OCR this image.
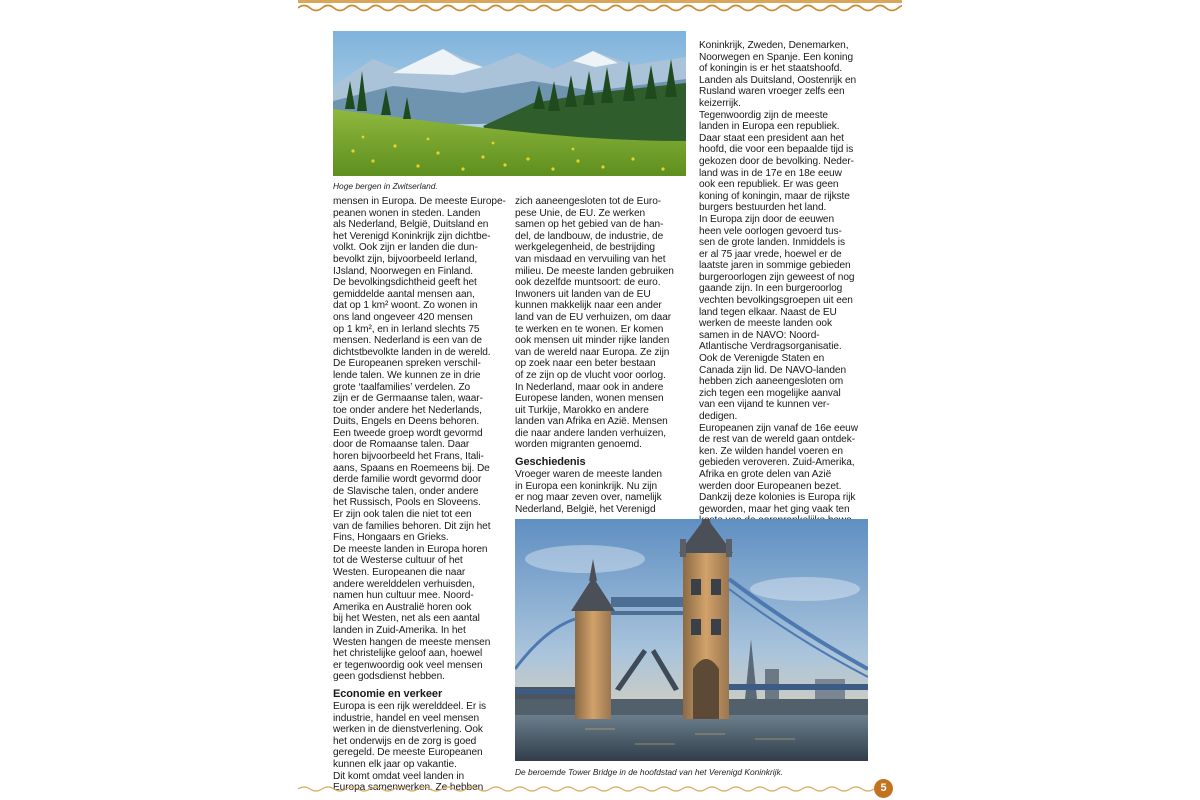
Hoge bergen in Zwitserland.
mensen in Europa. De meeste Europe-
peanen wonen in steden. Landen
als Nederland, België, Duitsland en
het Verenigd Koninkrijk zijn dichtbe-
volkt. Ook zijn er landen die dun-
bevolkt zijn, bijvoorbeeld Ierland,
IJsland, Noorwegen en Finland.
De bevolkingsdichtheid geeft het
gemiddelde aantal mensen aan,
dat op 1 km² woont. Zo wonen in
ons land ongeveer 420 mensen
op 1 km², en in Ierland slechts 75
mensen. Nederland is een van de
dichtstbevolkte landen in de wereld.
De Europeanen spreken verschil-
lende talen. We kunnen ze in drie
grote ‘taalfamilies’ verdelen. Zo
zijn er de Germaanse talen, waar-
toe onder andere het Nederlands,
Duits, Engels en Deens behoren.
Een tweede groep wordt gevormd
door de Romaanse talen. Daar
horen bijvoorbeeld het Frans, Itali-
aans, Spaans en Roemeens bij. De
derde familie wordt gevormd door
de Slavische talen, onder andere
het Russisch, Pools en Sloveens.
Er zijn ook talen die niet tot een
van de families behoren. Dit zijn het
Fins, Hongaars en Grieks.
De meeste landen in Europa horen
tot de Westerse cultuur of het
Westen. Europeanen die naar
andere werelddelen verhuisden,
namen hun cultuur mee. Noord-
Amerika en Australië horen ook
bij het Westen, net als een aantal
landen in Zuid-Amerika. In het
Westen hangen de meeste mensen
het christelijke geloof aan, hoewel
er tegenwoordig ook veel mensen
geen godsdienst hebben.
Economie en verkeer
Europa is een rijk werelddeel. Er is
industrie, handel en veel mensen
werken in de dienstverlening. Ook
het onderwijs en de zorg is goed
geregeld. De meeste Europeanen
kunnen elk jaar op vakantie.
Dit komt omdat veel landen in
Europa samenwerken. Ze hebben
zich aaneengesloten tot de Euro-
pese Unie, de EU. Ze werken
samen op het gebied van de han-
del, de landbouw, de industrie, de
werkgelegenheid, de bestrijding
van misdaad en vervuiling van het
milieu. De meeste landen gebruiken
ook dezelfde muntsoort: de euro.
Inwoners uit landen van de EU
kunnen makkelijk naar een ander
land van de EU verhuizen, om daar
te werken en te wonen. Er komen
ook mensen uit minder rijke landen
van de wereld naar Europa. Ze zijn
op zoek naar een beter bestaan
of ze zijn op de vlucht voor oorlog.
In Nederland, maar ook in andere
Europese landen, wonen mensen
uit Turkije, Marokko en andere
landen van Afrika en Azië. Mensen
die naar andere landen verhuizen,
worden migranten genoemd.
Geschiedenis
Vroeger waren de meeste landen
in Europa een koninkrijk. Nu zijn
er nog maar zeven over, namelijk
Nederland, België, het Verenigd
Koninkrijk, Zweden, Denemarken,
Noorwegen en Spanje. Een koning
of koningin is er het staatshoofd.
Landen als Duitsland, Oostenrijk en
Rusland waren vroeger zelfs een
keizerrijk.
Tegenwoordig zijn de meeste
landen in Europa een republiek.
Daar staat een president aan het
hoofd, die voor een bepaalde tijd is
gekozen door de bevolking. Neder-
land was in de 17e en 18e eeuw
ook een republiek. Er was geen
koning of koningin, maar de rijkste
burgers bestuurden het land.
In Europa zijn door de eeuwen
heen vele oorlogen gevoerd tus-
sen de grote landen. Inmiddels is
er al 75 jaar vrede, hoewel er de
laatste jaren in sommige gebieden
burgeroorlogen zijn geweest of nog
gaande zijn. In een burgeroorlog
vechten bevolkingsgroepen uit een
land tegen elkaar. Naast de EU
werken de meeste landen ook
samen in de NAVO: Noord-
Atlantische Verdragsorganisatie.
Ook de Verenigde Staten en
Canada zijn lid. De NAVO-landen
hebben zich aaneengesloten om
zich tegen een mogelijke aanval
van een vijand te kunnen ver-
dedigen.
Europeanen zijn vanaf de 16e eeuw
de rest van de wereld gaan ontdek-
ken. Ze wilden handel voeren en
gebieden veroveren. Zuid-Amerika,
Afrika en grote delen van Azië
werden door Europeanen bezet.
Dankzij deze kolonies is Europa rijk
geworden, maar het ging vaak ten
De beroemde Tower Bridge in de hoofdstad van het Verenigd Koninkrijk.
5
